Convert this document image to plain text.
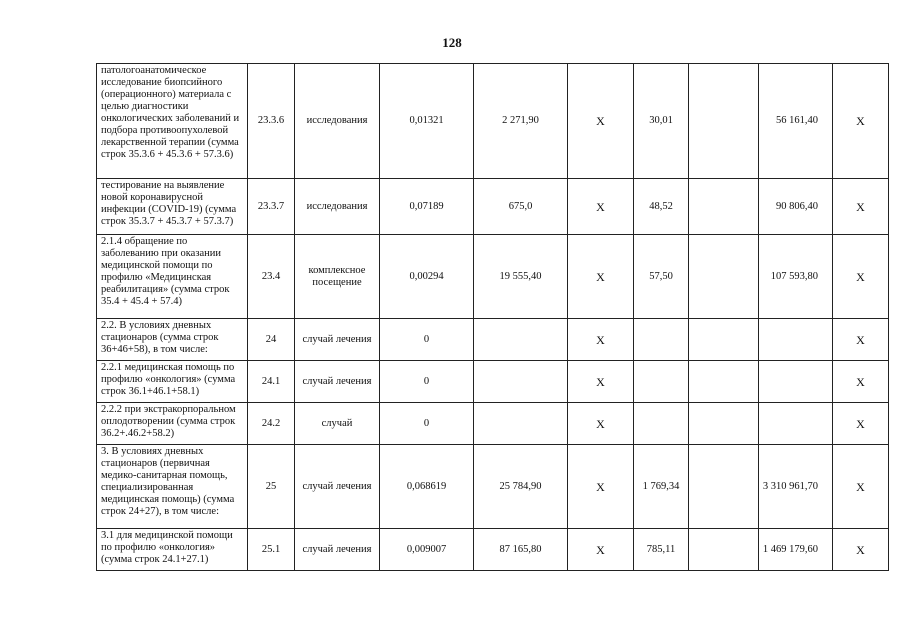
128
патологоанатомическое исследование биопсийного (операционного) материала с целью диагностики онкологических заболеваний и подбора противоопухолевой лекарственной терапии (сумма строк 35.3.6 + 45.3.6 + 57.3.6)	23.3.6	исследования	0,01321	2 271,90	X	30,01		56 161,40	X
тестирование на выявление новой коронавирусной инфекции (COVID-19) (сумма строк 35.3.7 + 45.3.7 + 57.3.7)	23.3.7	исследования	0,07189	675,0	X	48,52		90 806,40	X
2.1.4 обращение по заболеванию при оказании медицинской помощи по профилю «Медицинская реабилитация» (сумма строк 35.4 + 45.4 + 57.4)	23.4	комплексное посещение	0,00294	19 555,40	X	57,50		107 593,80	X
2.2. В условиях дневных стационаров (сумма строк 36+46+58), в том числе:	24	случай лечения	0		X				X
2.2.1 медицинская помощь по профилю «онкология» (сумма строк 36.1+46.1+58.1)	24.1	случай лечения	0		X				X
2.2.2 при экстракорпоральном оплодотворении (сумма строк 36.2+.46.2+58.2)	24.2	случай	0		X				X
3. В условиях дневных стационаров (первичная медико-санитарная помощь, специализированная медицинская помощь) (сумма строк 24+27), в том числе:	25	случай лечения	0,068619	25 784,90	X	1 769,34		3 310 961,70	X
3.1 для медицинской помощи по профилю «онкология» (сумма строк 24.1+27.1)	25.1	случай лечения	0,009007	87 165,80	X	785,11		1 469 179,60	X
